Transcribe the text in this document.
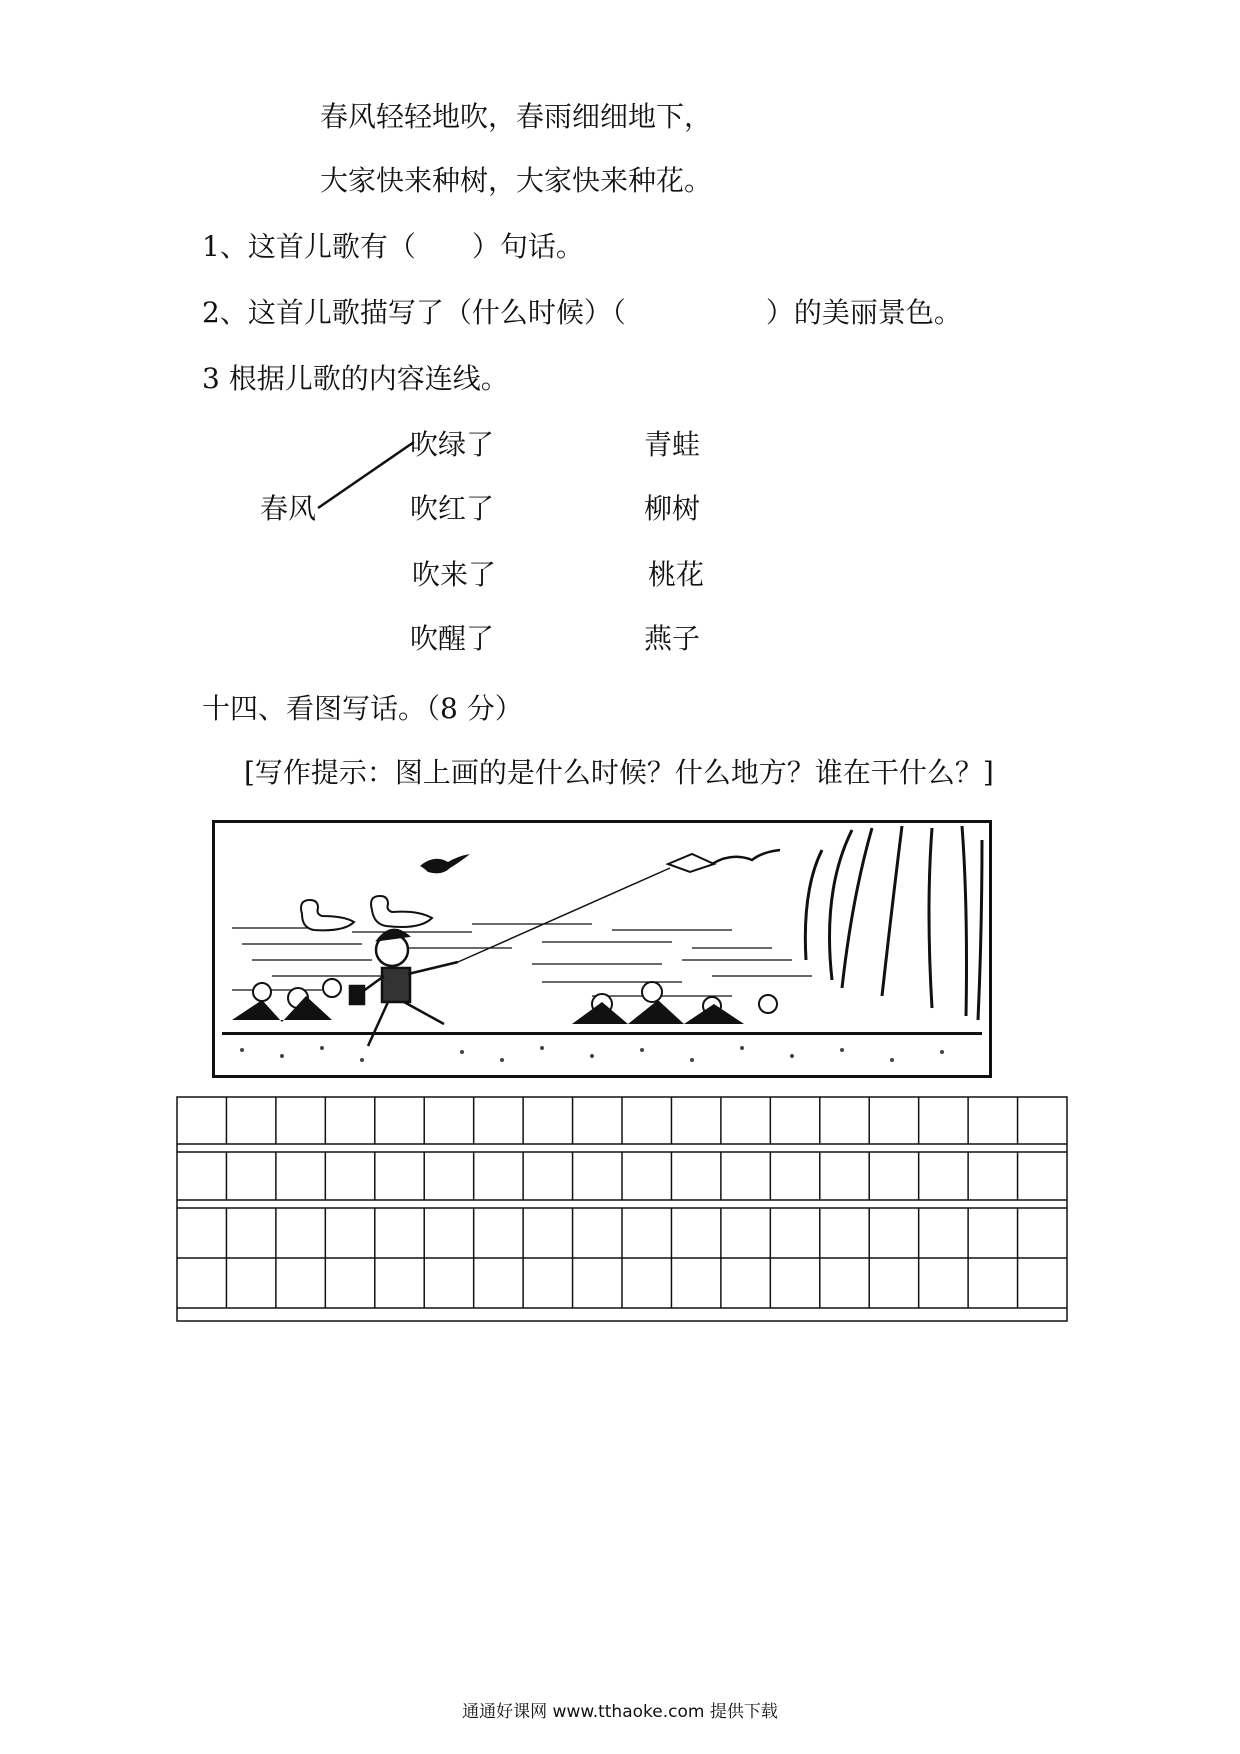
春风轻轻地吹，春雨细细地下，
大家快来种树，大家快来种花。
1、这首儿歌有（　　）句话。
2、这首儿歌描写了（什么时候）（　　　　　）的美丽景色。
3 根据儿歌的内容连线。
春风
吹绿了
吹红了
吹来了
吹醒了
青蛙
柳树
桃花
燕子
十四、看图写话。（8 分）
[写作提示：图上画的是什么时候？什么地方？谁在干什么？]
通通好课网 www.tthaoke.com 提供下载
